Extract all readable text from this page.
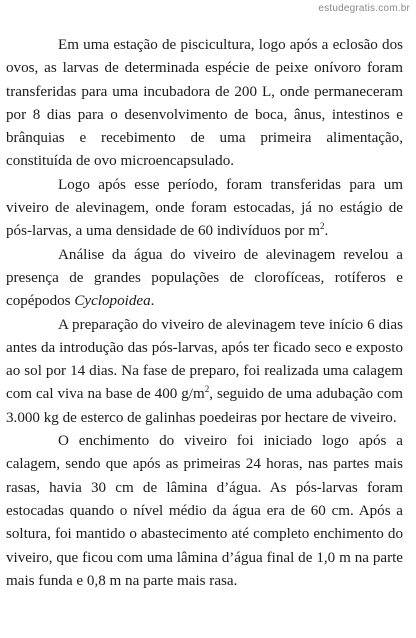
estudegratis.com.br

Em uma estação de piscicultura, logo após a eclosão dos ovos, as larvas de determinada espécie de peixe onívoro foram transferidas para uma incubadora de 200 L, onde permaneceram por 8 dias para o desenvolvimento de boca, ânus, intestinos e brânquias e recebimento de uma primeira alimentação, constituída de ovo microencapsulado.

Logo após esse período, foram transferidas para um viveiro de alevinagem, onde foram estocadas, já no estágio de pós-larvas, a uma densidade de 60 indivíduos por $m^2$.

Análise da água do viveiro de alevinagem revelou a presença de grandes populações de clorofíceas, rotíferos e copépodos Cyclopoidea.

A preparação do viveiro de alevinagem teve início 6 dias antes da introdução das pós-larvas, após ter ficado seco e exposto ao sol por 14 dias. Na fase de preparo, foi realizada uma calagem com cal viva na base de 400 $g/m^2$, seguido de uma adubação com 3.000 kg de esterco de galinhas poedeiras por hectare de viveiro.

O enchimento do viveiro foi iniciado logo após a calagem, sendo que após as primeiras 24 horas, nas partes mais rasas, havia 30 cm de lâmina d’água. As pós-larvas foram estocadas quando o nível médio da água era de 60 cm. Após a soltura, foi mantido o abastecimento até completo enchimento do viveiro, que ficou com uma lâmina d’água final de 1,0 m na parte mais funda e 0,8 m na parte mais rasa.
